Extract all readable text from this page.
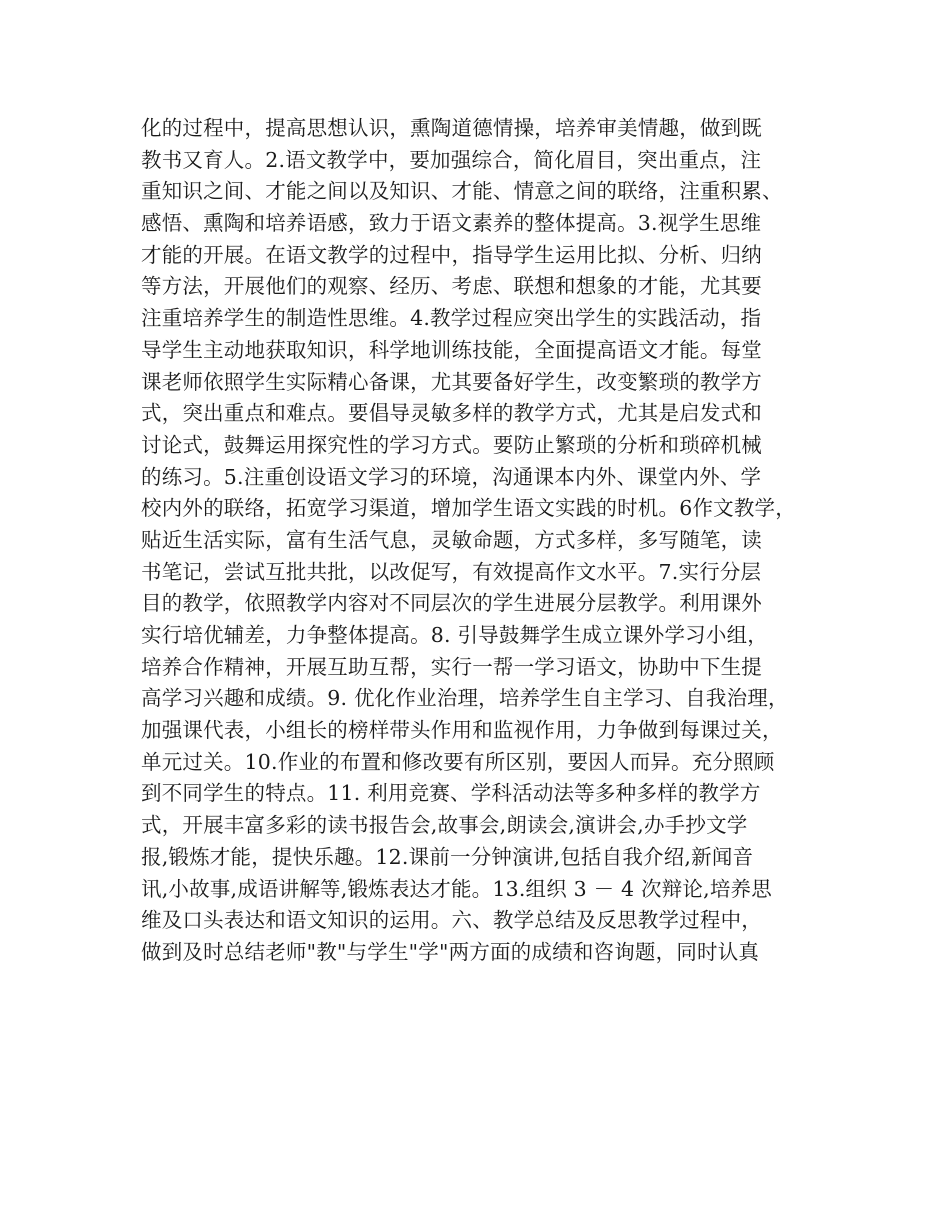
化的过程中，提高思想认识，熏陶道德情操，培养审美情趣，做到既
教书又育人。2.语文教学中，要加强综合，简化眉目，突出重点，注
重知识之间、才能之间以及知识、才能、情意之间的联络，注重积累、
感悟、熏陶和培养语感，致力于语文素养的整体提高。3.视学生思维
才能的开展。在语文教学的过程中，指导学生运用比拟、分析、归纳
等方法，开展他们的观察、经历、考虑、联想和想象的才能，尤其要
注重培养学生的制造性思维。4.教学过程应突出学生的实践活动，指
导学生主动地获取知识，科学地训练技能，全面提高语文才能。每堂
课老师依照学生实际精心备课，尤其要备好学生，改变繁琐的教学方
式，突出重点和难点。要倡导灵敏多样的教学方式，尤其是启发式和
讨论式，鼓舞运用探究性的学习方式。要防止繁琐的分析和琐碎机械
的练习。5.注重创设语文学习的环境，沟通课本内外、课堂内外、学
校内外的联络，拓宽学习渠道，增加学生语文实践的时机。6作文教学，
贴近生活实际，富有生活气息，灵敏命题，方式多样，多写随笔，读
书笔记，尝试互批共批，以改促写，有效提高作文水平。7.实行分层
目的教学，依照教学内容对不同层次的学生进展分层教学。利用课外
实行培优辅差，力争整体提高。8. 引导鼓舞学生成立课外学习小组，
培养合作精神，开展互助互帮，实行一帮一学习语文，协助中下生提
高学习兴趣和成绩。9. 优化作业治理，培养学生自主学习、自我治理，
加强课代表，小组长的榜样带头作用和监视作用，力争做到每课过关，
单元过关。10.作业的布置和修改要有所区别，要因人而异。充分照顾
到不同学生的特点。11. 利用竞赛、学科活动法等多种多样的教学方
式，开展丰富多彩的读书报告会,故事会,朗读会,演讲会,办手抄文学
报,锻炼才能，提快乐趣。12.课前一分钟演讲,包括自我介绍,新闻音
讯,小故事,成语讲解等,锻炼表达才能。13.组织 3 － 4 次辩论,培养思
维及口头表达和语文知识的运用。六、教学总结及反思教学过程中，
做到及时总结老师"教"与学生"学"两方面的成绩和咨询题，同时认真
